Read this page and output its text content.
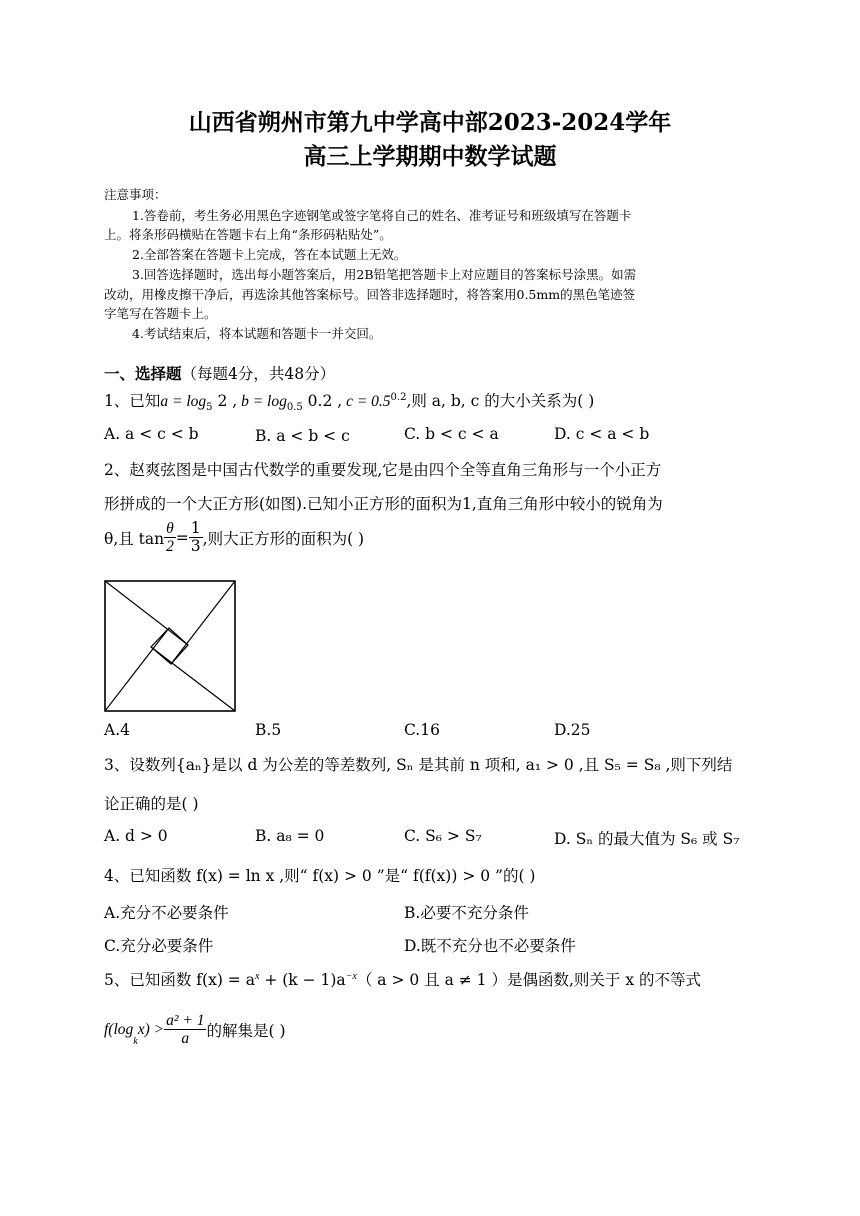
山西省朔州市第九中学高中部2023-2024学年
高三上学期期中数学试题
注意事项：
1.答卷前，考生务必用黑色字迹钢笔或签字笔将自己的姓名、准考证号和班级填写在答题卡
上。将条形码横贴在答题卡右上角“条形码粘贴处”。
2.全部答案在答题卡上完成，答在本试题上无效。
3.回答选择题时，选出每小题答案后，用2B铅笔把答题卡上对应题目的答案标号涂黑。如需
改动，用橡皮擦干净后，再选涂其他答案标号。回答非选择题时，将答案用0.5mm的黑色笔迹签
字笔写在答题卡上。
4.考试结束后，将本试题和答题卡一并交回。
一、选择题（每题4分，共48分）
1、已知$a = \log_5 2$ , $b = \log_{0.5} 0.2$ , $c = 0.5^{0.2}$,则 a, b, c 的大小关系为( )
A. a < c < b	B. a < b < c	C. b < c < a	D. c < a < b
2、赵爽弦图是中国古代数学的重要发现,它是由四个全等直角三角形与一个小正方
形拼成的一个大正方形(如图).已知小正方形的面积为1,直角三角形中较小的锐角为
θ,且 $\tan \frac{\theta}{2} = \frac{1}{3}$ ,则大正方形的面积为( )
A.4	B.5	C.16	D.25
3、设数列{aₙ}是以 d 为公差的等差数列, Sₙ 是其前 n 项和, a₁ > 0 ,且 S₅ = S₈ ,则下列结
论正确的是( )
A. d > 0	B. a₈ = 0	C. S₆ > S₇	D. Sₙ 的最大值为 S₆ 或 S₇
4、已知函数 f(x) = ln x ,则“ f(x) > 0 ”是“ f(f(x)) > 0 ”的( )
A.充分不必要条件	B.必要不充分条件
C.充分必要条件	D.既不充分也不必要条件
5、已知函数 $f(x) = a^x + (k - 1)a^{-x}$（ a > 0 且 a ≠ 1 ）是偶函数,则关于 x 的不等式
f(log
$_k$
$x) > \frac{\text{a² + 1}}{a}$ 的解集是( )
